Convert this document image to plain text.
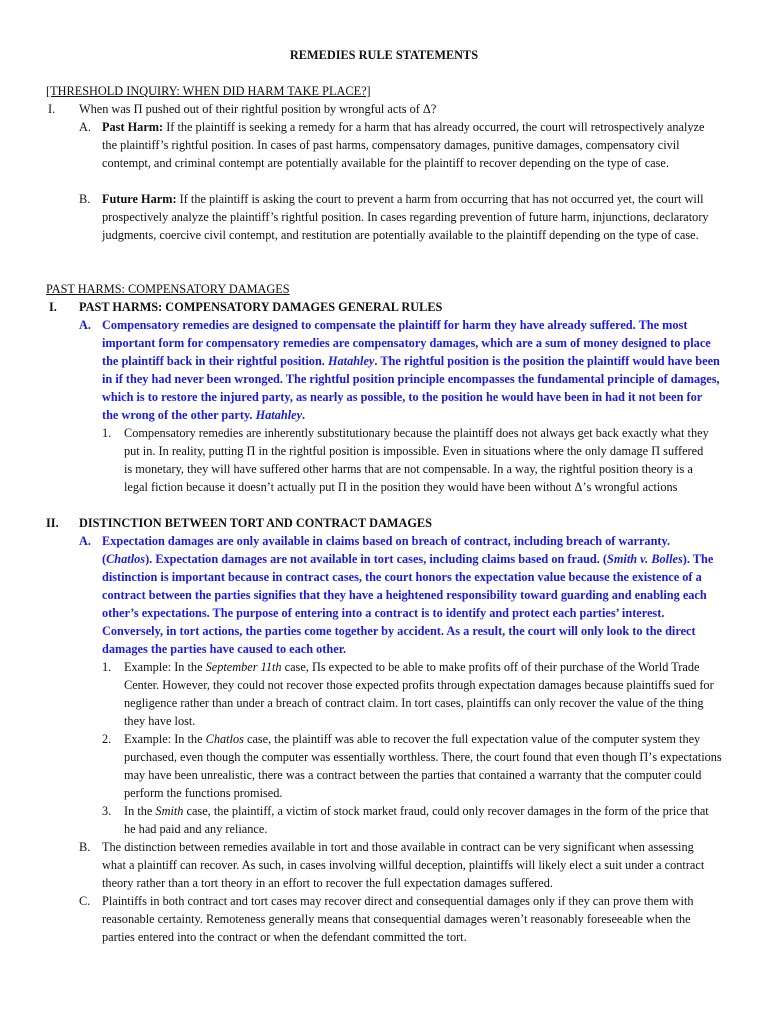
REMEDIES RULE STATEMENTS
[THRESHOLD INQUIRY: WHEN DID HARM TAKE PLACE?]
I. When was Π pushed out of their rightful position by wrongful acts of Δ?
A. Past Harm: If the plaintiff is seeking a remedy for a harm that has already occurred, the court will retrospectively analyze the plaintiff’s rightful position. In cases of past harms, compensatory damages, punitive damages, compensatory civil contempt, and criminal contempt are potentially available for the plaintiff to recover depending on the type of case.
B. Future Harm: If the plaintiff is asking the court to prevent a harm from occurring that has not occurred yet, the court will prospectively analyze the plaintiff’s rightful position. In cases regarding prevention of future harm, injunctions, declaratory judgments, coercive civil contempt, and restitution are potentially available to the plaintiff depending on the type of case.
PAST HARMS: COMPENSATORY DAMAGES
I. PAST HARMS: COMPENSATORY DAMAGES GENERAL RULES
A. Compensatory remedies are designed to compensate the plaintiff for harm they have already suffered. The most important form for compensatory remedies are compensatory damages, which are a sum of money designed to place the plaintiff back in their rightful position. Hatahley. The rightful position is the position the plaintiff would have been in if they had never been wronged. The rightful position principle encompasses the fundamental principle of damages, which is to restore the injured party, as nearly as possible, to the position he would have been in had it not been for the wrong of the other party. Hatahley.
1. Compensatory remedies are inherently substitutionary because the plaintiff does not always get back exactly what they put in. In reality, putting Π in the rightful position is impossible. Even in situations where the only damage Π suffered is monetary, they will have suffered other harms that are not compensable. In a way, the rightful position theory is a legal fiction because it doesn’t actually put Π in the position they would have been without Δ’s wrongful actions
II. DISTINCTION BETWEEN TORT AND CONTRACT DAMAGES
A. Expectation damages are only available in claims based on breach of contract, including breach of warranty. (Chatlos). Expectation damages are not available in tort cases, including claims based on fraud. (Smith v. Bolles). The distinction is important because in contract cases, the court honors the expectation value because the existence of a contract between the parties signifies that they have a heightened responsibility toward guarding and enabling each other’s expectations. The purpose of entering into a contract is to identify and protect each parties’ interest. Conversely, in tort actions, the parties come together by accident. As a result, the court will only look to the direct damages the parties have caused to each other.
1. Example: In the September 11th case, Πs expected to be able to make profits off of their purchase of the World Trade Center. However, they could not recover those expected profits through expectation damages because plaintiffs sued for negligence rather than under a breach of contract claim. In tort cases, plaintiffs can only recover the value of the thing they have lost.
2. Example: In the Chatlos case, the plaintiff was able to recover the full expectation value of the computer system they purchased, even though the computer was essentially worthless. There, the court found that even though Π’s expectations may have been unrealistic, there was a contract between the parties that contained a warranty that the computer could perform the functions promised.
3. In the Smith case, the plaintiff, a victim of stock market fraud, could only recover damages in the form of the price that he had paid and any reliance.
B. The distinction between remedies available in tort and those available in contract can be very significant when assessing what a plaintiff can recover. As such, in cases involving willful deception, plaintiffs will likely elect a suit under a contract theory rather than a tort theory in an effort to recover the full expectation damages suffered.
C. Plaintiffs in both contract and tort cases may recover direct and consequential damages only if they can prove them with reasonable certainty. Remoteness generally means that consequential damages weren’t reasonably foreseeable when the parties entered into the contract or when the defendant committed the tort.
